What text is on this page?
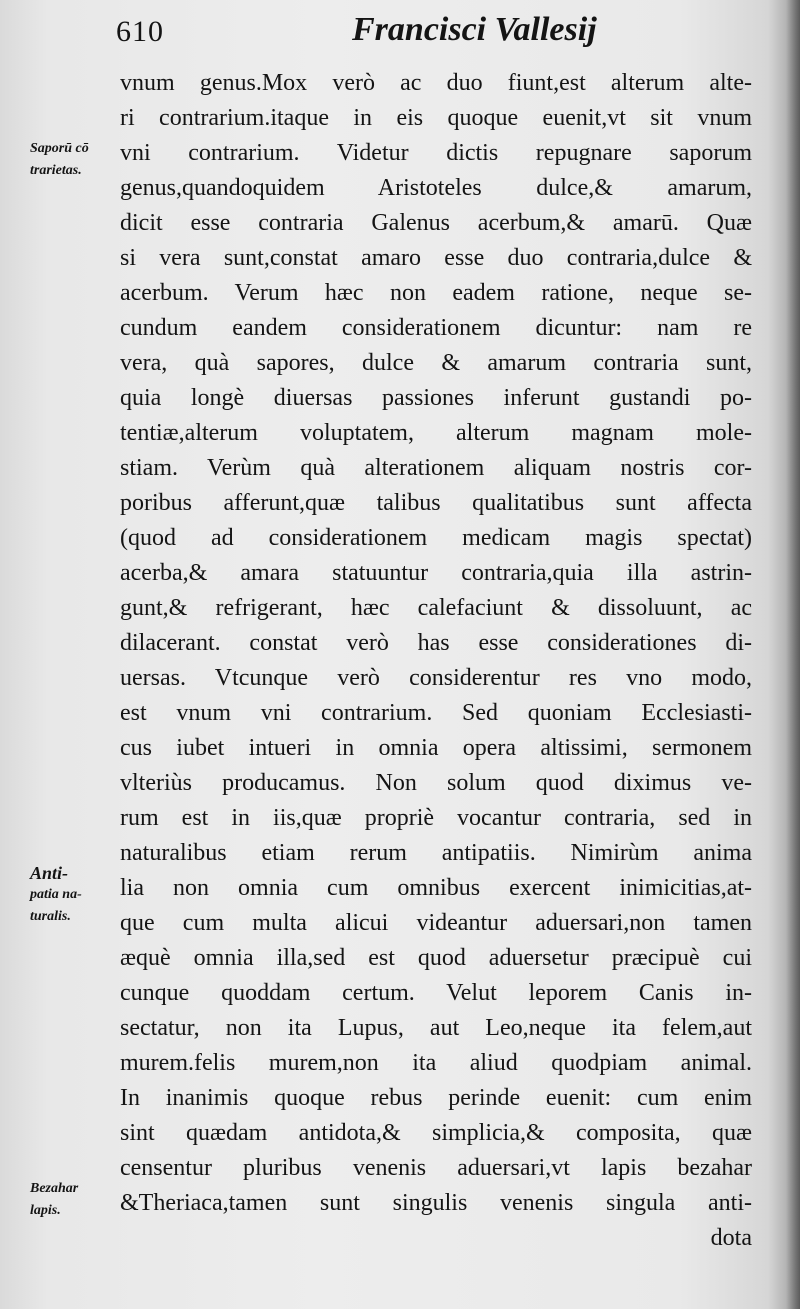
610	Francisci Vallesij
vnum genus.Mox verò ac duo fiunt,est alterum alte-
ri contrarium.itaque in eis quoque euenit,vt sit vnum
vni contrarium. Videtur dictis repugnare saporum
genus,quandoquidem Aristoteles dulce,& amarum,
dicit esse contraria Galenus acerbum,& amarū. Quæ
si vera sunt,constat amaro esse duo contraria,dulce &
acerbum. Verum hæc non eadem ratione, neque se-
cundum eandem considerationem dicuntur: nam re
vera, quà sapores, dulce & amarum contraria sunt,
quia longè diuersas passiones inferunt gustandi po-
tentiæ,alterum voluptatem, alterum magnam mole-
stiam. Verùm quà alterationem aliquam nostris cor-
poribus afferunt,quæ talibus qualitatibus sunt affecta
(quod ad considerationem medicam magis spectat)
acerba,& amara statuuntur contraria,quia illa astrin-
gunt,& refrigerant, hæc calefaciunt & dissoluunt, ac
dilacerant. constat verò has esse considerationes di-
uersas. Vtcunque verò considerentur res vno modo,
est vnum vni contrarium. Sed quoniam Ecclesiasti-
cus iubet intueri in omnia opera altissimi, sermonem
vlteriùs producamus. Non solum quod diximus ve-
rum est in iis,quæ propriè vocantur contraria, sed in
naturalibus etiam rerum antipatiis. Nimirùm anima
lia non omnia cum omnibus exercent inimicitias,at-
que cum multa alicui videantur aduersari,non tamen
æquè omnia illa,sed est quod aduersetur præcipuè cui
cunque quoddam certum. Velut leporem Canis in-
sectatur, non ita Lupus, aut Leo,neque ita felem,aut
murem.felis murem,non ita aliud quodpiam animal.
In inanimis quoque rebus perinde euenit: cum enim
sint quædam antidota,& simplicia,& composita, quæ
censentur pluribus venenis aduersari,vt lapis bezahar
&Theriaca,tamen sunt singulis venenis singula anti-
dota
Saporū cō
trarietas.
Anti-
patia na-
turalis.
Bezahar
lapis.
